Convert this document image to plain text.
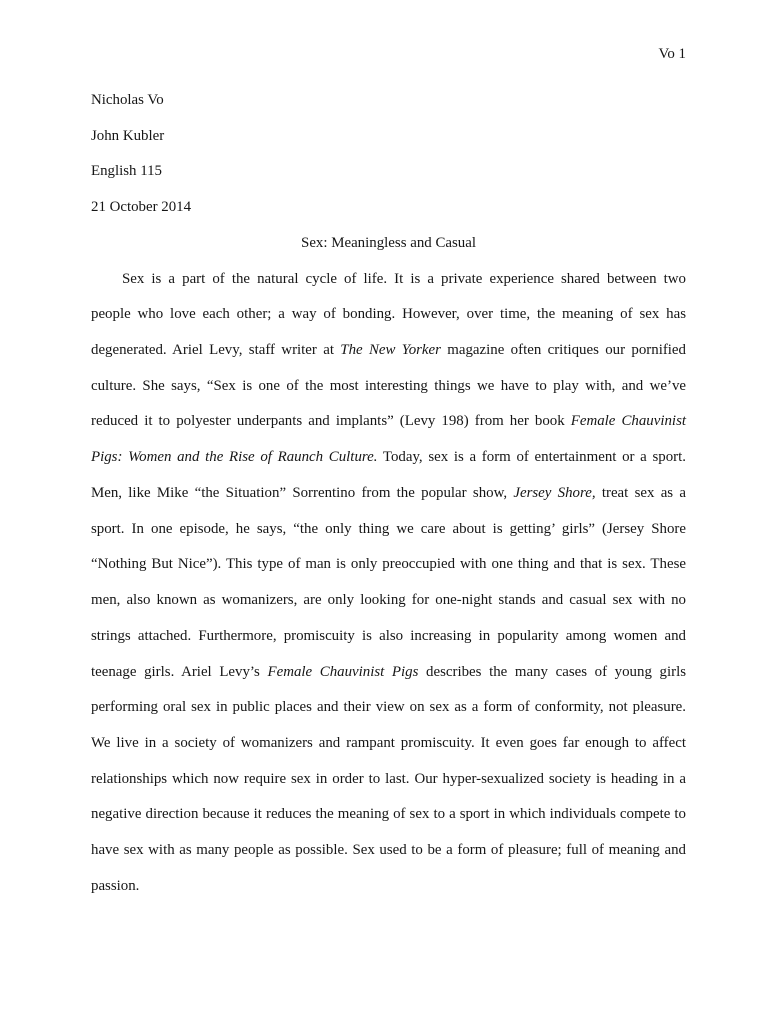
Vo 1
Nicholas Vo
John Kubler
English 115
21 October 2014
Sex: Meaningless and Casual
Sex is a part of the natural cycle of life. It is a private experience shared between two
people who love each other; a way of bonding. However, over time, the meaning of sex has
degenerated. Ariel Levy, staff writer at The New Yorker magazine often critiques our pornified
culture. She says, “Sex is one of the most interesting things we have to play with, and we’ve
reduced it to polyester underpants and implants” (Levy 198) from her book Female Chauvinist
Pigs: Women and the Rise of Raunch Culture. Today, sex is a form of entertainment or a sport.
Men, like Mike “the Situation” Sorrentino from the popular show, Jersey Shore, treat sex as a
sport. In one episode, he says, “the only thing we care about is getting’ girls” (Jersey Shore
“Nothing But Nice”). This type of man is only preoccupied with one thing and that is sex. These
men, also known as womanizers, are only looking for one-night stands and casual sex with no
strings attached. Furthermore, promiscuity is also increasing in popularity among women and
teenage girls. Ariel Levy’s Female Chauvinist Pigs describes the many cases of young girls
performing oral sex in public places and their view on sex as a form of conformity, not pleasure.
We live in a society of womanizers and rampant promiscuity. It even goes far enough to affect
relationships which now require sex in order to last. Our hyper-sexualized society is heading in a
negative direction because it reduces the meaning of sex to a sport in which individuals compete to
have sex with as many people as possible. Sex used to be a form of pleasure; full of meaning and
passion.
